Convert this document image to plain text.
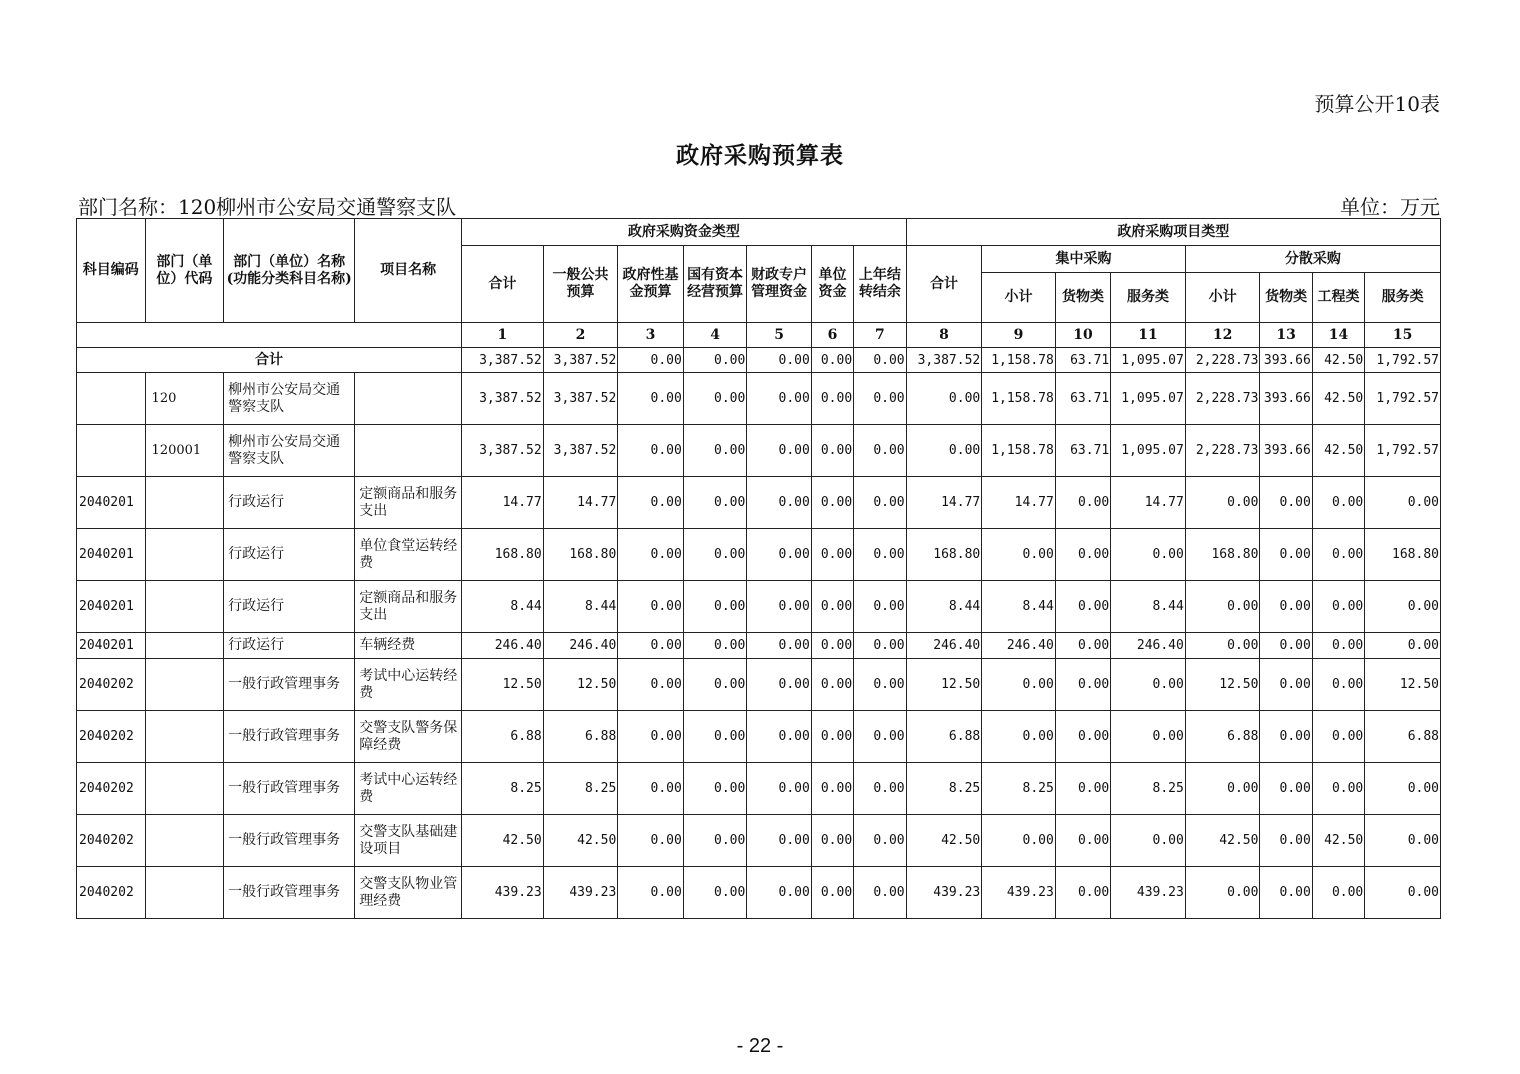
预算公开10表
政府采购预算表
部门名称：120柳州市公安局交通警察支队	单位：万元
科目编码	部门（单位）代码	部门（单位）名称(功能分类科目名称)	项目名称	政府采购资金类型							政府采购项目类型							
				合计	一般公共预算	政府性基金预算	国有资本经营预算	财政专户管理资金	单位资金	上年结转结余	合计	集中采购			分散采购			
												小计	货物类	服务类	小计	货物类	工程类	服务类
				1	2	3	4	5	6	7	8	9	10	11	12	13	14	15
合计				3,387.52	3,387.52	0.00	0.00	0.00	0.00	0.00	3,387.52	1,158.78	63.71	1,095.07	2,228.73	393.66	42.50	1,792.57
	120	柳州市公安局交通警察支队		3,387.52	3,387.52	0.00	0.00	0.00	0.00	0.00	0.00	1,158.78	63.71	1,095.07	2,228.73	393.66	42.50	1,792.57
	120001	柳州市公安局交通警察支队		3,387.52	3,387.52	0.00	0.00	0.00	0.00	0.00	0.00	1,158.78	63.71	1,095.07	2,228.73	393.66	42.50	1,792.57
2040201		行政运行	定额商品和服务支出	14.77	14.77	0.00	0.00	0.00	0.00	0.00	14.77	14.77	0.00	14.77	0.00	0.00	0.00	0.00
2040201		行政运行	单位食堂运转经费	168.80	168.80	0.00	0.00	0.00	0.00	0.00	168.80	0.00	0.00	0.00	168.80	0.00	0.00	168.80
2040201		行政运行	定额商品和服务支出	8.44	8.44	0.00	0.00	0.00	0.00	0.00	8.44	8.44	0.00	8.44	0.00	0.00	0.00	0.00
2040201		行政运行	车辆经费	246.40	246.40	0.00	0.00	0.00	0.00	0.00	246.40	246.40	0.00	246.40	0.00	0.00	0.00	0.00
2040202		一般行政管理事务	考试中心运转经费	12.50	12.50	0.00	0.00	0.00	0.00	0.00	12.50	0.00	0.00	0.00	12.50	0.00	0.00	12.50
2040202		一般行政管理事务	交警支队警务保障经费	6.88	6.88	0.00	0.00	0.00	0.00	0.00	6.88	0.00	0.00	0.00	6.88	0.00	0.00	6.88
2040202		一般行政管理事务	考试中心运转经费	8.25	8.25	0.00	0.00	0.00	0.00	0.00	8.25	8.25	0.00	8.25	0.00	0.00	0.00	0.00
2040202		一般行政管理事务	交警支队基础建设项目	42.50	42.50	0.00	0.00	0.00	0.00	0.00	42.50	0.00	0.00	0.00	42.50	0.00	42.50	0.00
2040202		一般行政管理事务	交警支队物业管理经费	439.23	439.23	0.00	0.00	0.00	0.00	0.00	439.23	439.23	0.00	439.23	0.00	0.00	0.00	0.00
- 22 -
